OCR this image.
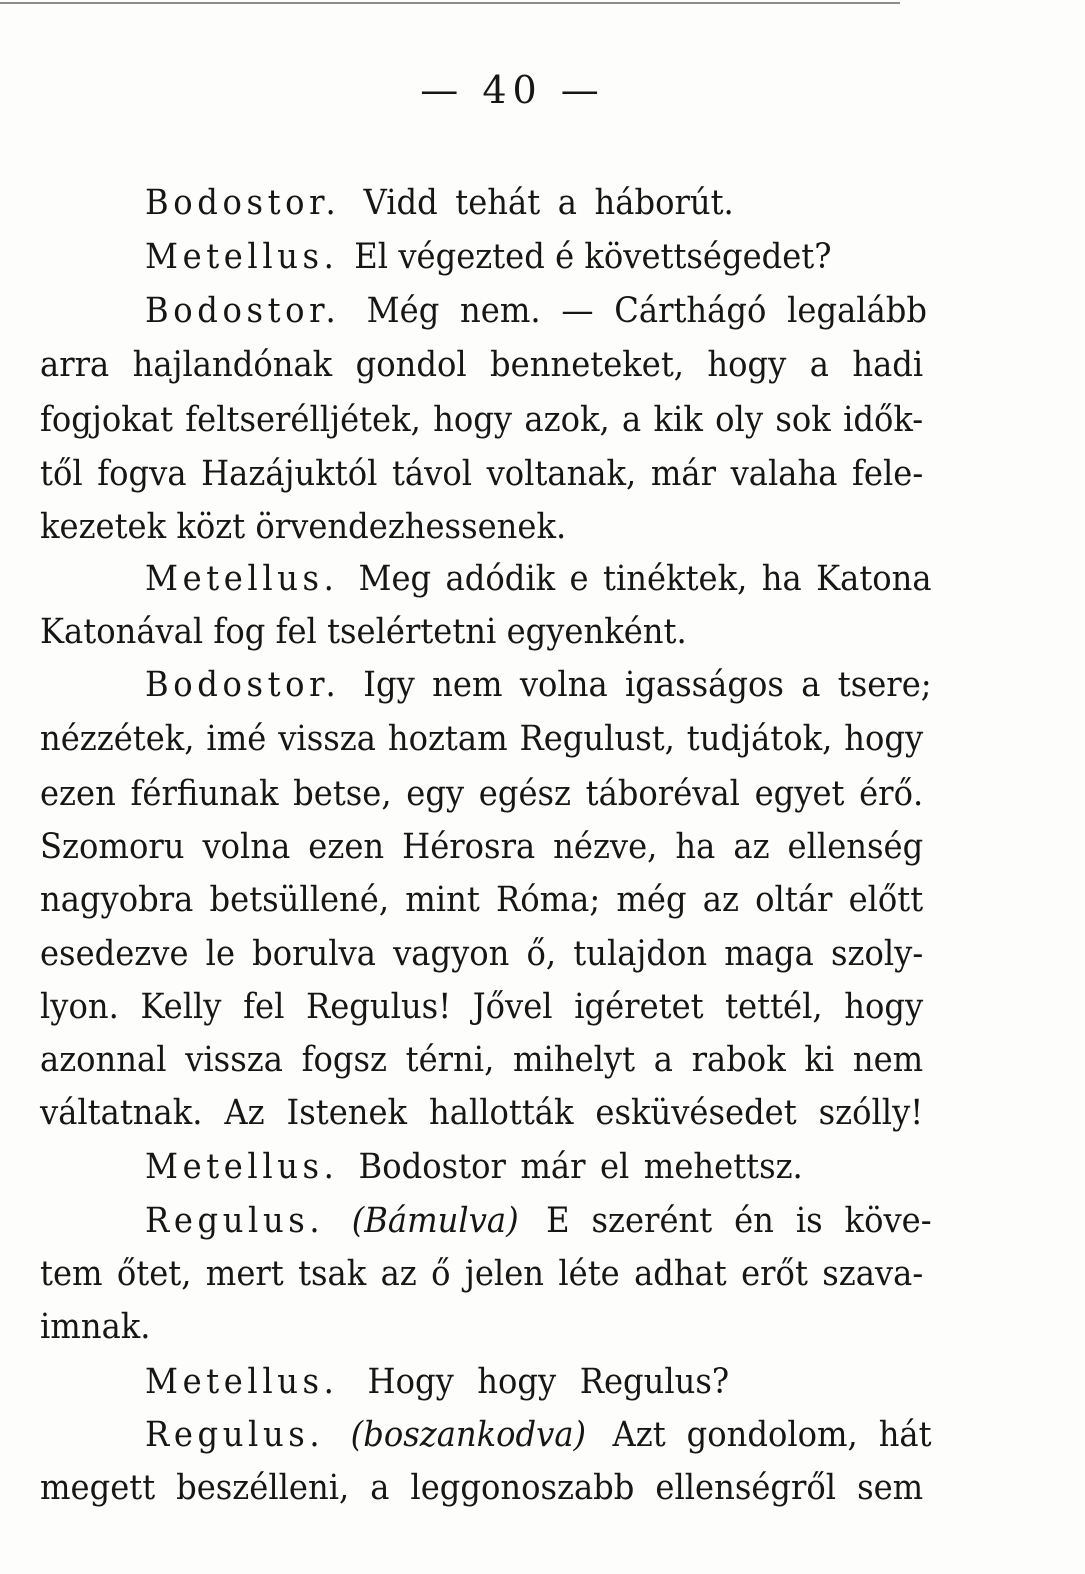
— 40 —
Bodostor. Vidd tehát a háborút.
Metellus. El végezted é követtségedet?
Bodostor. Még nem. — Cárthágó legalább
arra hajlandónak gondol benneteket, hogy a hadi
fogjokat feltserélljétek, hogy azok, a kik oly sok idők-
től fogva Hazájuktól távol voltanak, már valaha fele-
kezetek közt örvendezhessenek.
Metellus. Meg adódik e tinéktek, ha Katona
Katonával fog fel tselértetni egyenként.
Bodostor. Igy nem volna igasságos a tsere;
nézzétek, imé vissza hoztam Regulust, tudjátok, hogy
ezen férfiunak betse, egy egész táboréval egyet érő.
Szomoru volna ezen Hérosra nézve, ha az ellenség
nagyobra betsüllené, mint Róma; még az oltár előtt
esedezve le borulva vagyon ő, tulajdon maga szoly-
lyon. Kelly fel Regulus! Jővel igéretet tettél, hogy
azonnal vissza fogsz térni, mihelyt a rabok ki nem
váltatnak. Az Istenek hallották esküvésedet szólly!
Metellus. Bodostor már el mehettsz.
Regulus. (Bámulva) E szerént én is köve-
tem őtet, mert tsak az ő jelen léte adhat erőt szava-
imnak.
Metellus. Hogy hogy Regulus?
Regulus. (boszankodva) Azt gondolom, hát
megett beszélleni, a leggonoszabb ellenségről sem
